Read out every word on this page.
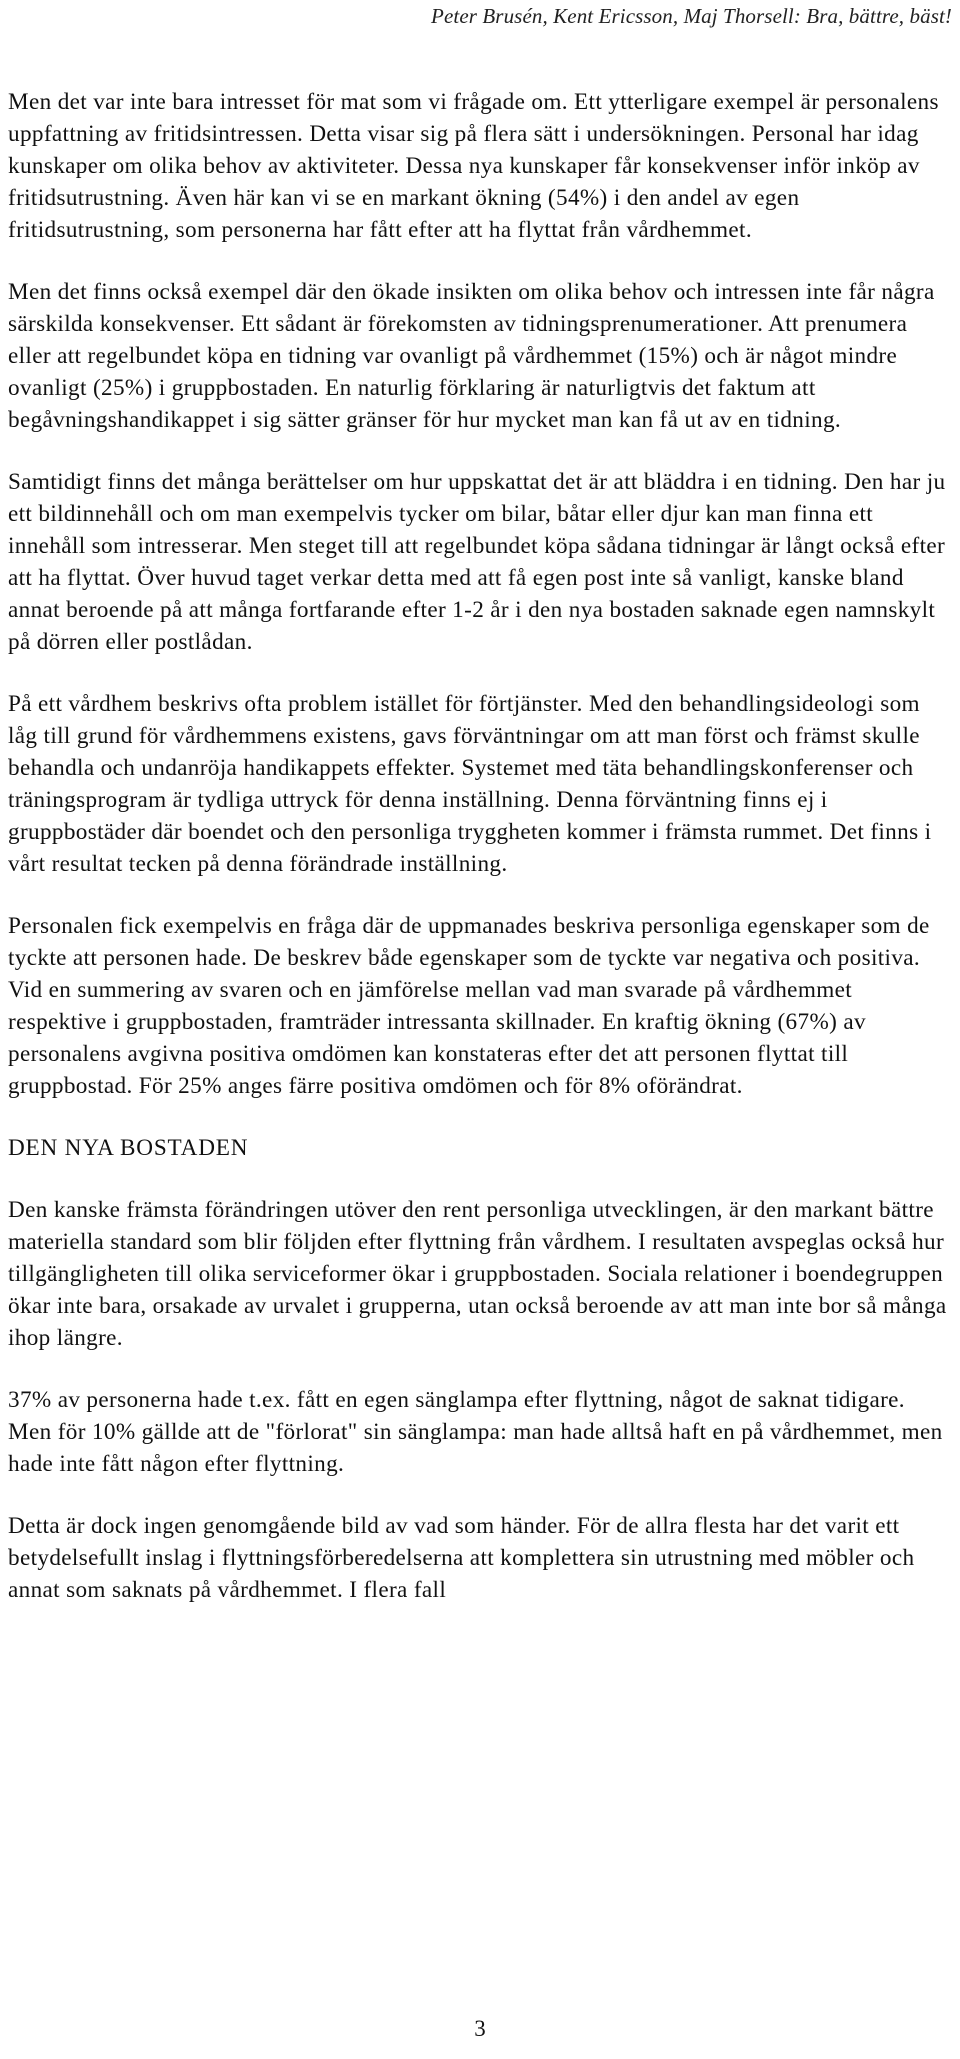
Peter Brusén, Kent Ericsson, Maj Thorsell: Bra, bättre, bäst!

Men det var inte bara intresset för mat som vi frågade om. Ett ytterligare exempel är personalens uppfattning av fritidsintressen. Detta visar sig på flera sätt i undersökningen. Personal har idag kunskaper om olika behov av aktiviteter. Dessa nya kunskaper får konsekvenser inför inköp av fritidsutrustning. Även här kan vi se en markant ökning (54%) i den andel av egen fritidsutrustning, som personerna har fått efter att ha flyttat från vårdhemmet.

Men det finns också exempel där den ökade insikten om olika behov och intressen inte får några särskilda konsekvenser. Ett sådant är förekomsten av tidningsprenumerationer. Att prenumera eller att regelbundet köpa en tidning var ovanligt på vårdhemmet (15%) och är något mindre ovanligt (25%) i gruppbostaden. En naturlig förklaring är naturligtvis det faktum att begåvningshandikappet i sig sätter gränser för hur mycket man kan få ut av en tidning.

Samtidigt finns det många berättelser om hur uppskattat det är att bläddra i en tidning. Den har ju ett bildinnehåll och om man exempelvis tycker om bilar, båtar eller djur kan man finna ett innehåll som intresserar. Men steget till att regelbundet köpa sådana tidningar är långt också efter att ha flyttat. Över huvud taget verkar detta med att få egen post inte så vanligt, kanske bland annat beroende på att många fortfarande efter 1-2 år i den nya bostaden saknade egen namnskylt på dörren eller postlådan.

På ett vårdhem beskrivs ofta problem istället för förtjänster. Med den behandlingsideologi som låg till grund för vårdhemmens existens, gavs förväntningar om att man först och främst skulle behandla och undanröja handikappets effekter. Systemet med täta behandlingskonferenser och träningsprogram är tydliga uttryck för denna inställning. Denna förväntning finns ej i gruppbostäder där boendet och den personliga tryggheten kommer i främsta rummet. Det finns i vårt resultat tecken på denna förändrade inställning.

Personalen fick exempelvis en fråga där de uppmanades beskriva personliga egenskaper som de tyckte att personen hade. De beskrev både egenskaper som de tyckte var negativa och positiva. Vid en summering av svaren och en jämförelse mellan vad man svarade på vårdhemmet respektive i gruppbostaden, framträder intressanta skillnader. En kraftig ökning (67%) av personalens avgivna positiva omdömen kan konstateras efter det att personen flyttat till gruppbostad. För 25% anges färre positiva omdömen och för 8% oförändrat.

DEN NYA BOSTADEN

Den kanske främsta förändringen utöver den rent personliga utvecklingen, är den markant bättre materiella standard som blir följden efter flyttning från vårdhem. I resultaten avspeglas också hur tillgängligheten till olika serviceformer ökar i gruppbostaden. Sociala relationer i boendegruppen ökar inte bara, orsakade av urvalet i grupperna, utan också beroende av att man inte bor så många ihop längre.

37% av personerna hade t.ex. fått en egen sänglampa efter flyttning, något de saknat tidigare. Men för 10% gällde att de "förlorat" sin sänglampa: man hade alltså haft en på vårdhemmet, men hade inte fått någon efter flyttning.

Detta är dock ingen genomgående bild av vad som händer. För de allra flesta har det varit ett betydelsefullt inslag i flyttningsförberedelserna att komplettera sin utrustning med möbler och annat som saknats på vårdhemmet. I flera fall

3
